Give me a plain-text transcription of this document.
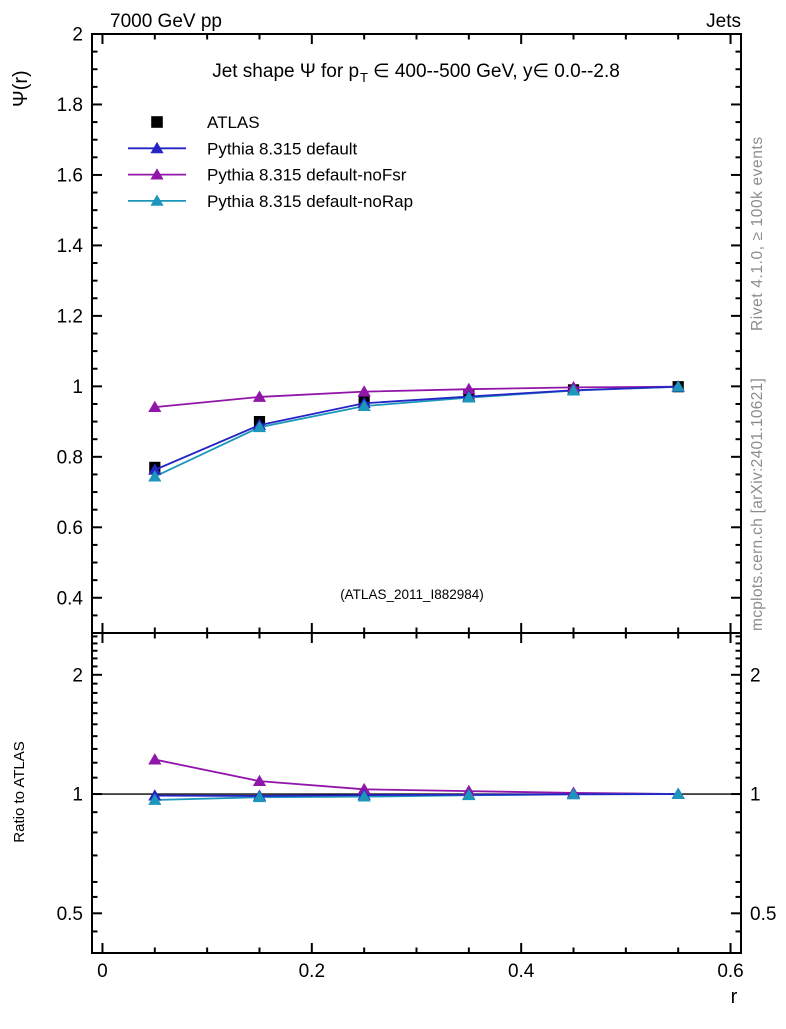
7000 GeV pp	Jets
Ψ(r)
Ratio to ATLAS
Rivet 4.1.0, ≥ 100k events
mcplots.cern.ch [arXiv:2401.10621]
Jet shape Ψ for $p_T$ ∈ 400--500 GeV, y∈ 0.0--2.8
(ATLAS_2011_I882984)
0	0.2	0.4	0.6
0.4
0.6
0.8
1
1.2
1.4
1.6
1.8
2
0.5	0.5
1	1
2	2
ATLAS
Pythia 8.315 default
Pythia 8.315 default-noFsr
Pythia 8.315 default-noRap
r
